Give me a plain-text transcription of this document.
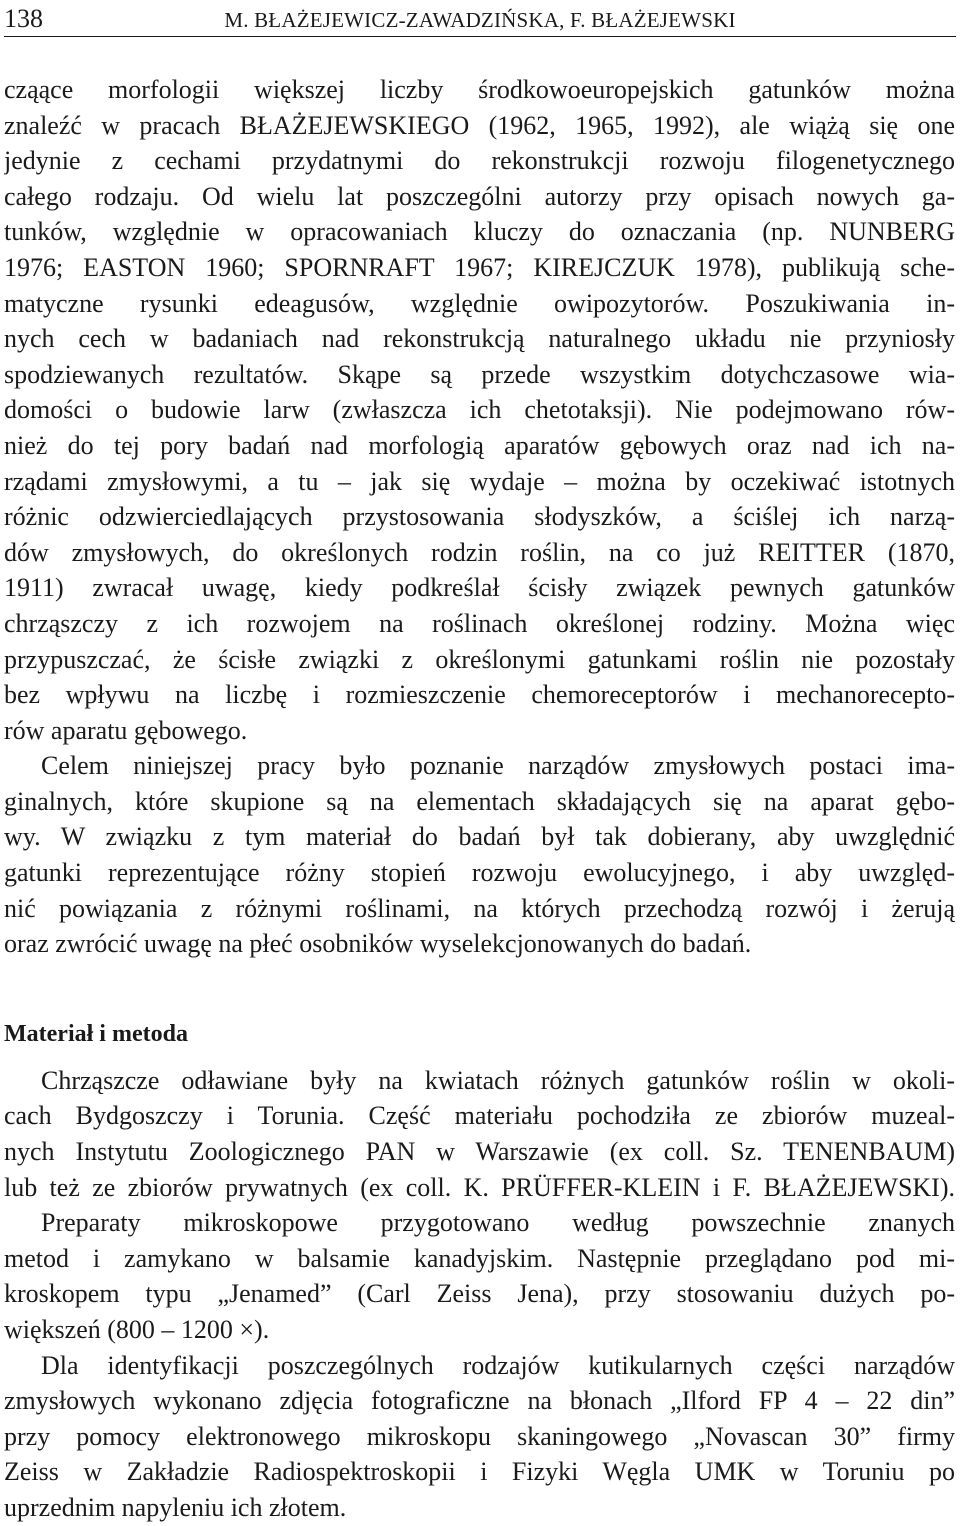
138	M. BŁAŻEJEWICZ-ZAWADZIŃSKA, F. BŁAŻEJEWSKI
cząące morfologii większej liczby środkowoeuropejskich gatunków można
znaleźć w pracach BŁAŻEJEWSKIEGO (1962, 1965, 1992), ale wiążą się one
jedynie z cechami przydatnymi do rekonstrukcji rozwoju filogenetycznego
całego rodzaju. Od wielu lat poszczególni autorzy przy opisach nowych ga-
tunków, względnie w opracowaniach kluczy do oznaczania (np. NUNBERG
1976; EASTON 1960; SPORNRAFT 1967; KIREJCZUK 1978), publikują sche-
matyczne rysunki edeagusów, względnie owipozytorów. Poszukiwania in-
nych cech w badaniach nad rekonstrukcją naturalnego układu nie przyniosły
spodziewanych rezultatów. Skąpe są przede wszystkim dotychczasowe wia-
domości o budowie larw (zwłaszcza ich chetotaksji). Nie podejmowano rów-
nież do tej pory badań nad morfologią aparatów gębowych oraz nad ich na-
rządami zmysłowymi, a tu – jak się wydaje – można by oczekiwać istotnych
różnic odzwierciedlających przystosowania słodyszków, a ściślej ich narzą-
dów zmysłowych, do określonych rodzin roślin, na co już REITTER (1870,
1911) zwracał uwagę, kiedy podkreślał ścisły związek pewnych gatunków
chrząszczy z ich rozwojem na roślinach określonej rodziny. Można więc
przypuszczać, że ścisłe związki z określonymi gatunkami roślin nie pozostały
bez wpływu na liczbę i rozmieszczenie chemoreceptorów i mechanorecepto-
rów aparatu gębowego.
Celem niniejszej pracy było poznanie narządów zmysłowych postaci ima-
ginalnych, które skupione są na elementach składających się na aparat gębo-
wy. W związku z tym materiał do badań był tak dobierany, aby uwzględnić
gatunki reprezentujące różny stopień rozwoju ewolucyjnego, i aby uwzględ-
nić powiązania z różnymi roślinami, na których przechodzą rozwój i żerują
oraz zwrócić uwagę na płeć osobników wyselekcjonowanych do badań.
Materiał i metoda
Chrząszcze odławiane były na kwiatach różnych gatunków roślin w okoli-
cach Bydgoszczy i Torunia. Część materiału pochodziła ze zbiorów muzeal-
nych Instytutu Zoologicznego PAN w Warszawie (ex coll. Sz. TENENBAUM)
lub też ze zbiorów prywatnych (ex coll. K. PRÜFFER-KLEIN i F. BŁAŻEJEWSKI).
Preparaty mikroskopowe przygotowano według powszechnie znanych
metod i zamykano w balsamie kanadyjskim. Następnie przeglądano pod mi-
kroskopem typu „Jenamed” (Carl Zeiss Jena), przy stosowaniu dużych po-
większeń (800 – 1200 ×).
Dla identyfikacji poszczególnych rodzajów kutikularnych części narządów
zmysłowych wykonano zdjęcia fotograficzne na błonach „Ilford FP 4 – 22 din”
przy pomocy elektronowego mikroskopu skaningowego „Novascan 30” firmy
Zeiss w Zakładzie Radiospektroskopii i Fizyki Węgla UMK w Toruniu po
uprzednim napyleniu ich złotem.
